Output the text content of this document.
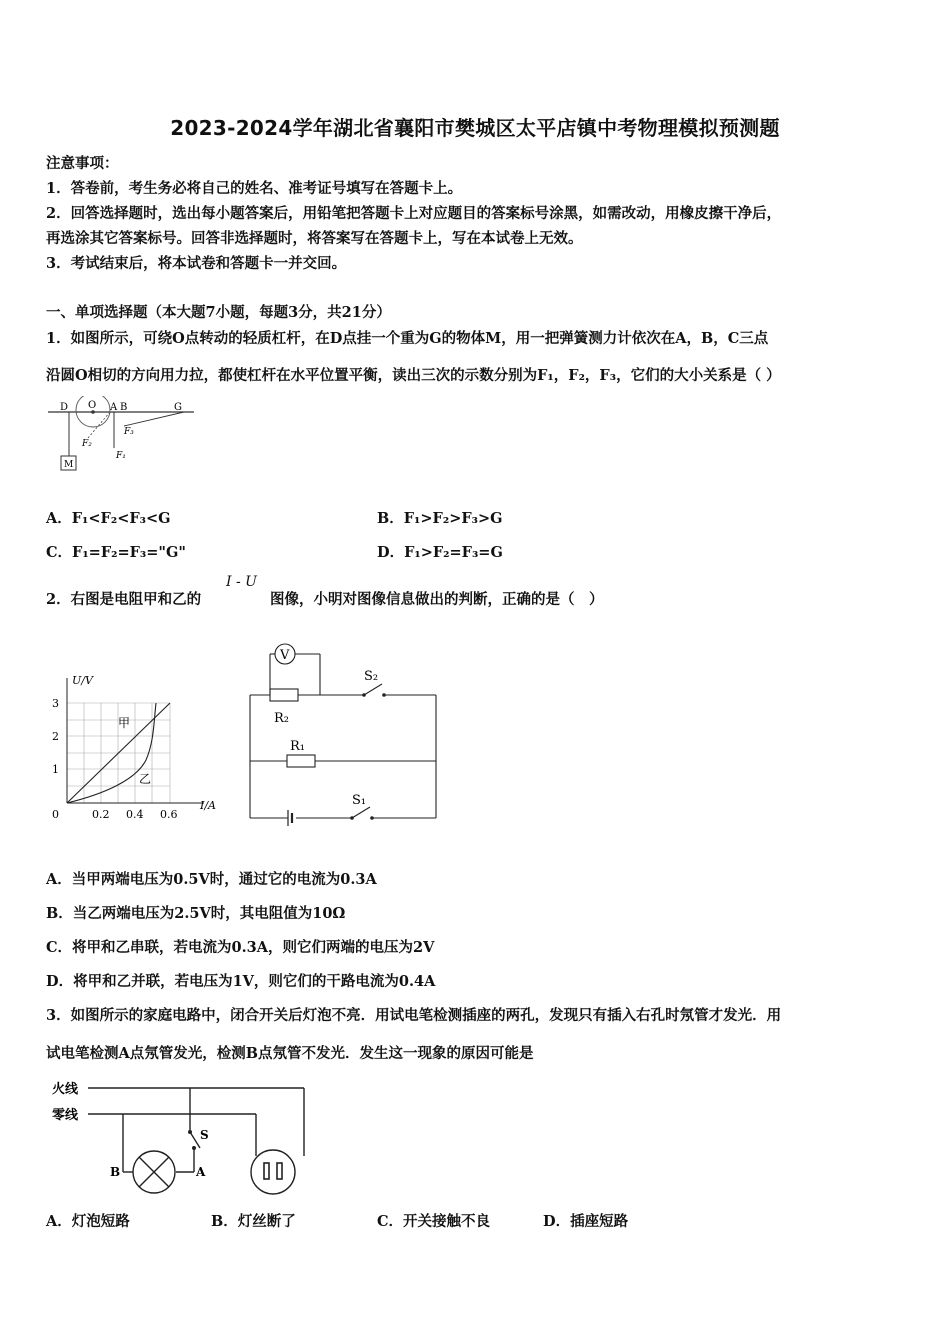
2023-2024学年湖北省襄阳市樊城区太平店镇中考物理模拟预测题
注意事项：
1．答卷前，考生务必将自己的姓名、准考证号填写在答题卡上。
2．回答选择题时，选出每小题答案后，用铅笔把答题卡上对应题目的答案标号涂黑，如需改动，用橡皮擦干净后，
再选涂其它答案标号。回答非选择题时，将答案写在答题卡上，写在本试卷上无效。
3．考试结束后，将本试卷和答题卡一并交回。
一、单项选择题（本大题7小题，每题3分，共21分）
1．如图所示，可绕O点转动的轻质杠杆，在D点挂一个重为G的物体M，用一把弹簧测力计依次在A，B，C三点
沿圆O相切的方向用力拉，都使杠杆在水平位置平衡，读出三次的示数分别为F₁，F₂，F₃，它们的大小关系是（ ）
D O A B	G
F₃
F₂
F₁
M
A．F₁<F₂<F₃<G	B．F₁>F₂>F₃>G
C．F₁=F₂=F₃="G"	D．F₁>F₂=F₃=G
2．右图是电阻甲和乙的
I - U
图像，小明对图像信息做出的判断，正确的是（　）
U/V
I/A
3
2
1
0	0.2 0.4 0.6
甲
乙
V
S₂
R₂
R₁
S₁
A．当甲两端电压为0.5V时，通过它的电流为0.3A
B．当乙两端电压为2.5V时，其电阻值为10Ω
C．将甲和乙串联，若电流为0.3A，则它们两端的电压为2V
D．将甲和乙并联，若电压为1V，则它们的干路电流为0.4A
3．如图所示的家庭电路中，闭合开关后灯泡不亮．用试电笔检测插座的两孔，发现只有插入右孔时氖管才发光．用
试电笔检测A点氖管发光，检测B点氖管不发光．发生这一现象的原因可能是
火线
零线
S
B	A
A．灯泡短路	B．灯丝断了	C．开关接触不良	D．插座短路
